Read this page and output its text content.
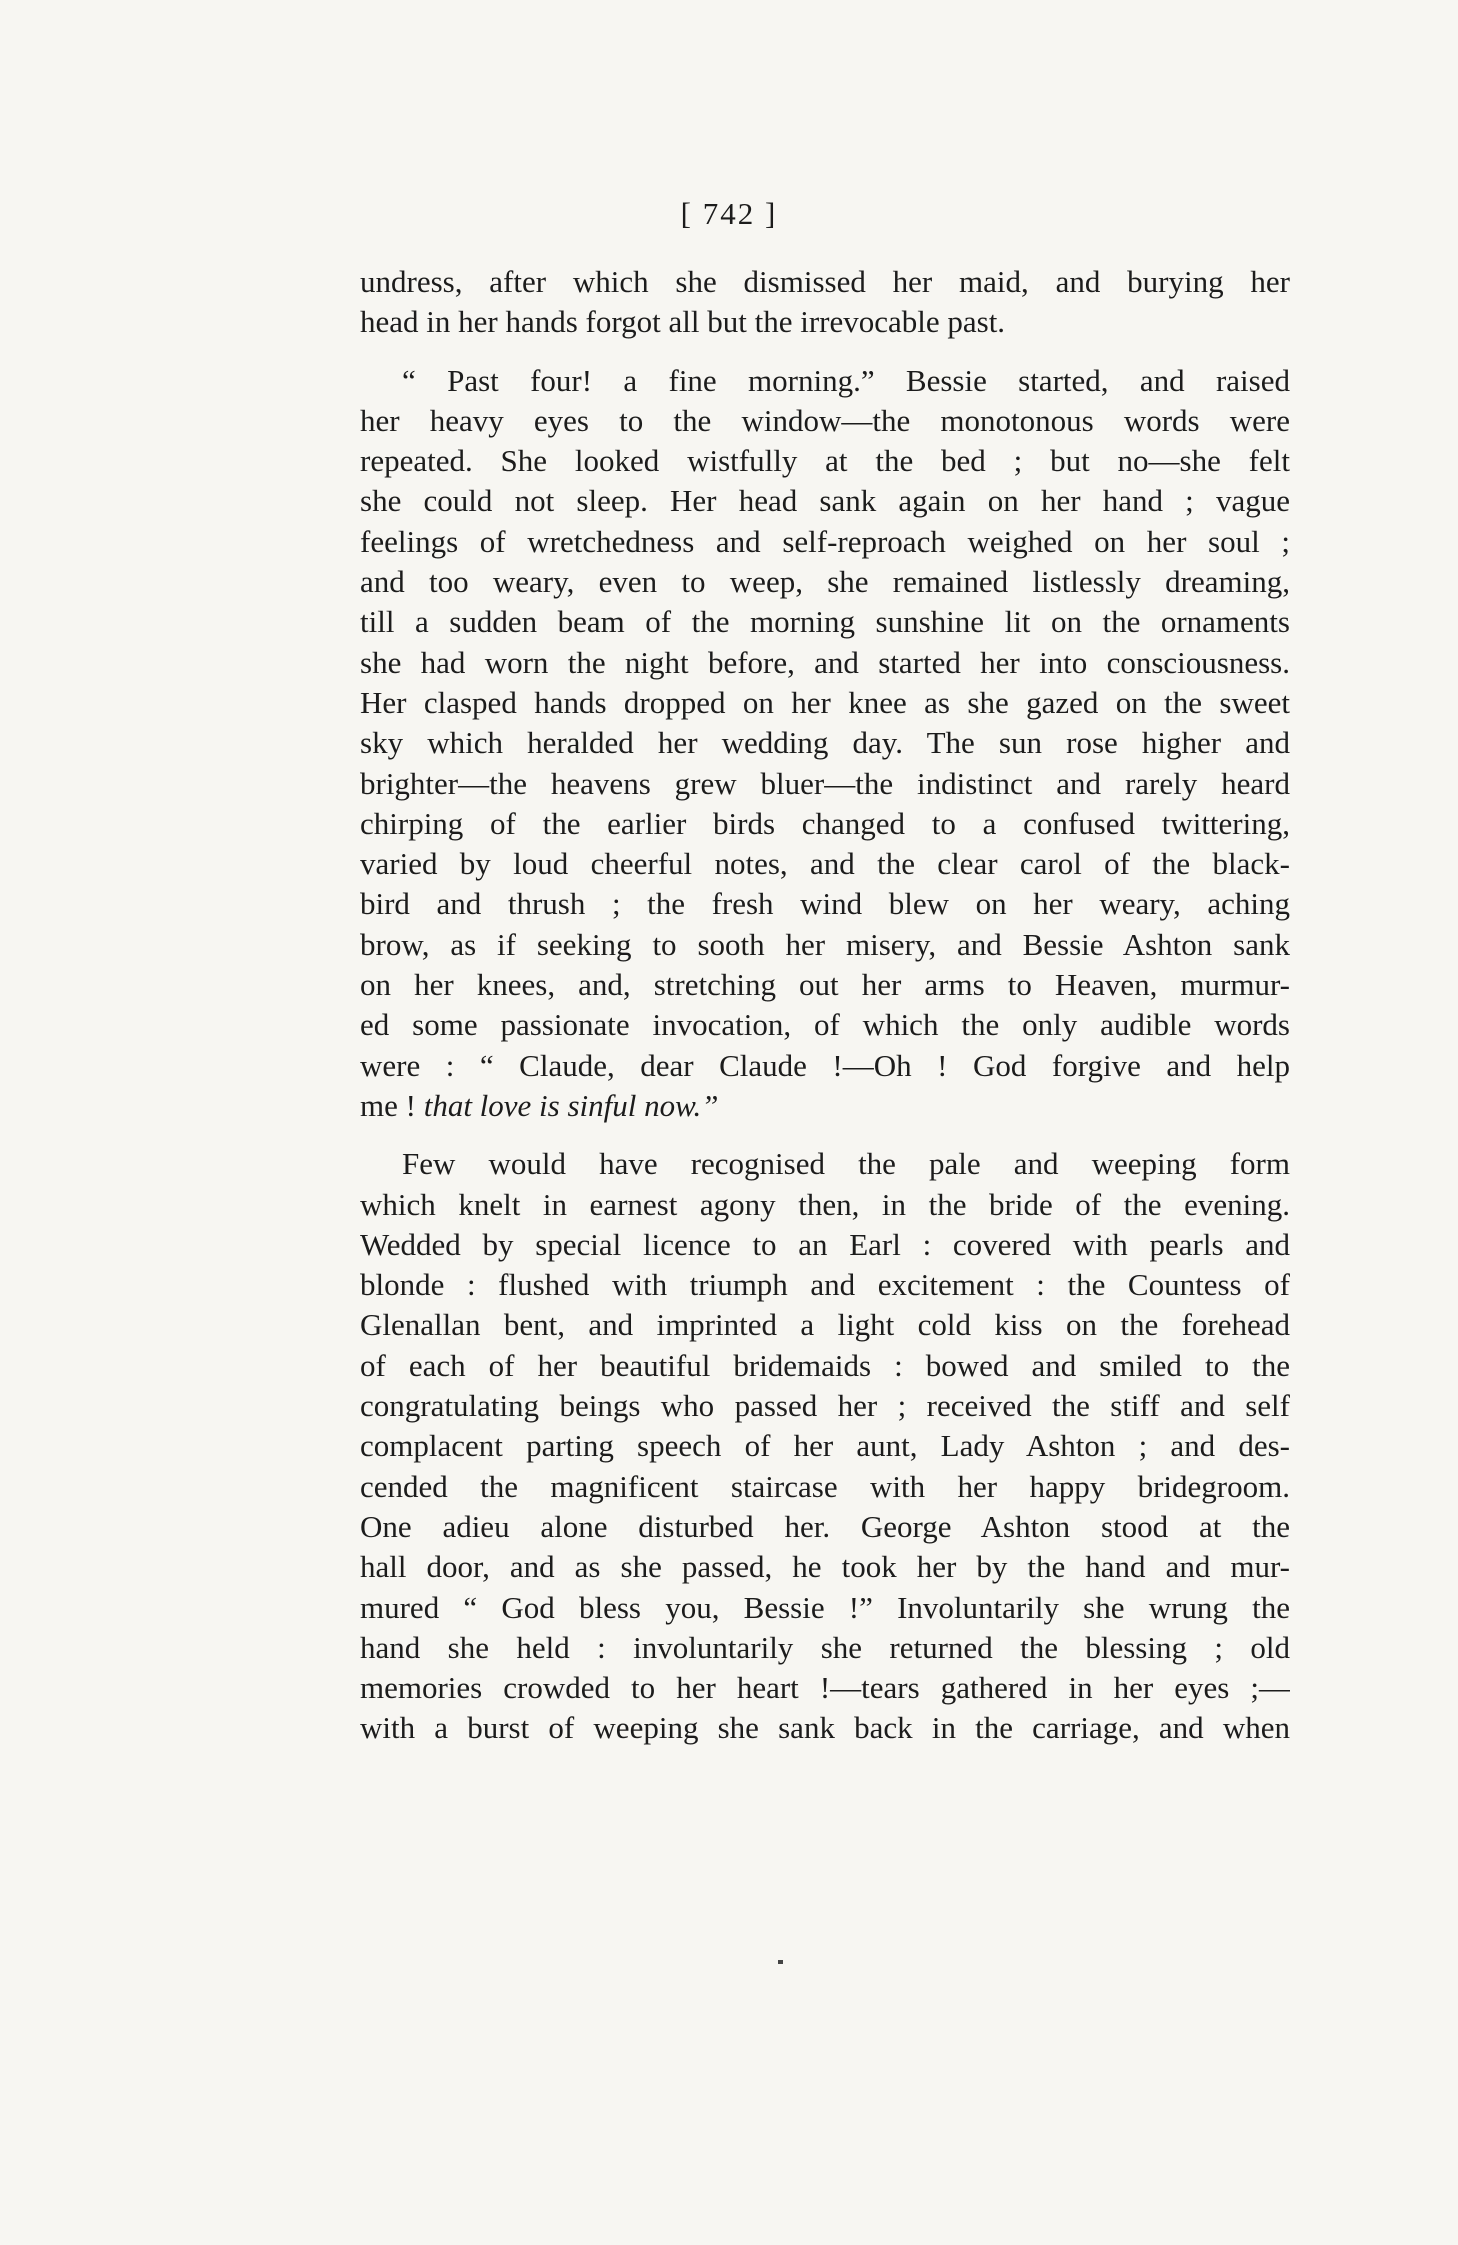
[ 742 ]
undress, after which she dismissed her maid, and burying her
head in her hands forgot all but the irrevocable past.
“ Past four! a fine morning.” Bessie started, and raised
her heavy eyes to the window—the monotonous words were
repeated. She looked wistfully at the bed ; but no—she felt
she could not sleep. Her head sank again on her hand ; vague
feelings of wretchedness and self-reproach weighed on her soul ;
and too weary, even to weep, she remained listlessly dreaming,
till a sudden beam of the morning sunshine lit on the ornaments
she had worn the night before, and started her into consciousness.
Her clasped hands dropped on her knee as she gazed on the sweet
sky which heralded her wedding day. The sun rose higher and
brighter—the heavens grew bluer—the indistinct and rarely heard
chirping of the earlier birds changed to a confused twittering,
varied by loud cheerful notes, and the clear carol of the black-
bird and thrush ; the fresh wind blew on her weary, aching
brow, as if seeking to sooth her misery, and Bessie Ashton sank
on her knees, and, stretching out her arms to Heaven, murmur-
ed some passionate invocation, of which the only audible words
were : “ Claude, dear Claude !—Oh ! God forgive and help
me ! that love is sinful now.”
Few would have recognised the pale and weeping form
which knelt in earnest agony then, in the bride of the evening.
Wedded by special licence to an Earl : covered with pearls and
blonde : flushed with triumph and excitement : the Countess of
Glenallan bent, and imprinted a light cold kiss on the forehead
of each of her beautiful bridemaids : bowed and smiled to the
congratulating beings who passed her ; received the stiff and self
complacent parting speech of her aunt, Lady Ashton ; and des-
cended the magnificent staircase with her happy bridegroom.
One adieu alone disturbed her. George Ashton stood at the
hall door, and as she passed, he took her by the hand and mur-
mured “ God bless you, Bessie !” Involuntarily she wrung the
hand she held : involuntarily she returned the blessing ; old
memories crowded to her heart !—tears gathered in her eyes ;—
with a burst of weeping she sank back in the carriage, and when
